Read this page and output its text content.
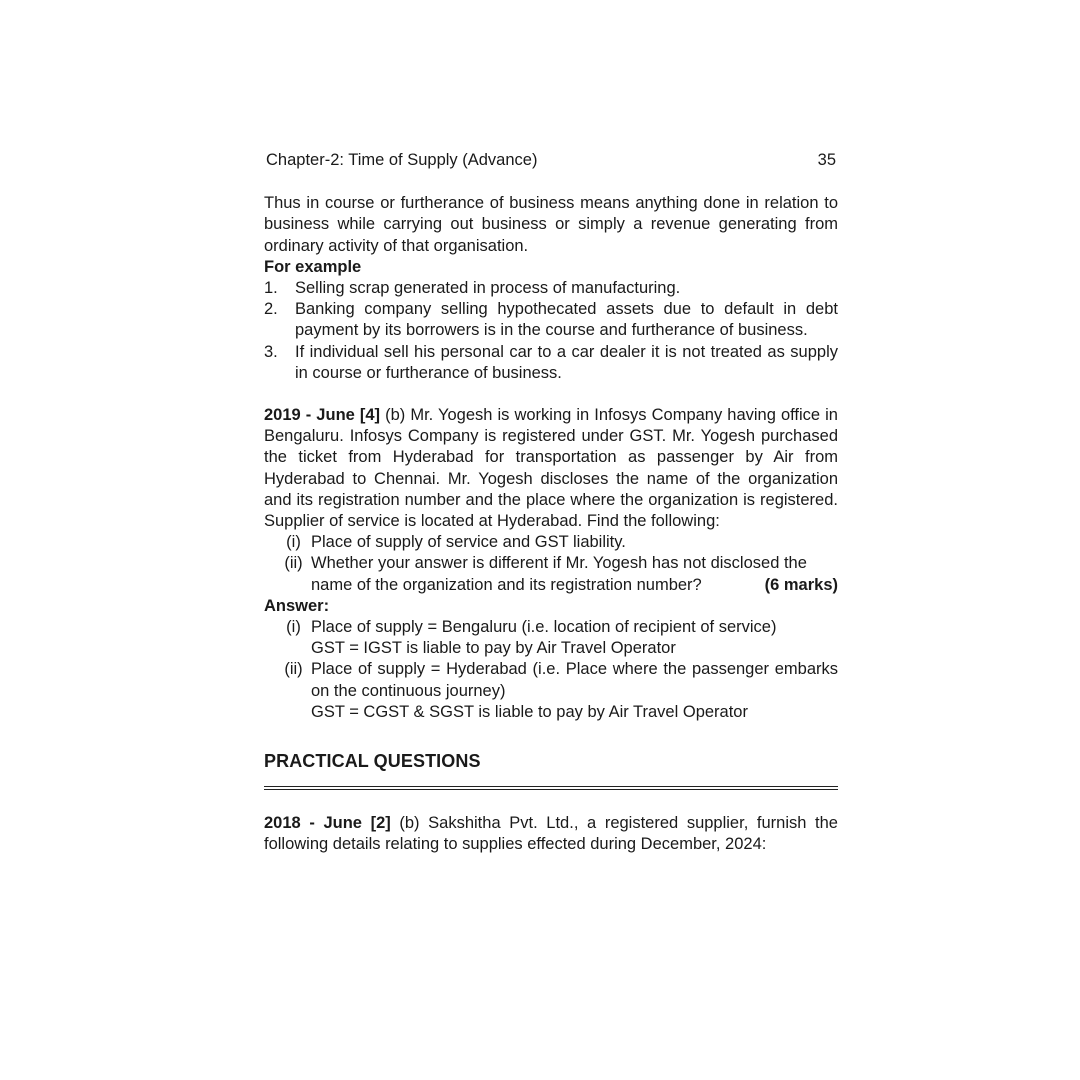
Chapter-2: Time of Supply (Advance)	35

Thus in course or furtherance of business means anything done in relation to business while carrying out business or simply a revenue generating from ordinary activity of that organisation.

For example
1.	Selling scrap generated in process of manufacturing.
2.	Banking company selling hypothecated assets due to default in debt payment by its borrowers is in the course and furtherance of business.
3.	If individual sell his personal car to a car dealer it is not treated as supply in course or furtherance of business.

2019 - June [4] (b) Mr. Yogesh is working in Infosys Company having office in Bengaluru. Infosys Company is registered under GST. Mr. Yogesh purchased the ticket from Hyderabad for transportation as passenger by Air from Hyderabad to Chennai. Mr. Yogesh discloses the name of the organization and its registration number and the place where the organization is registered. Supplier of service is located at Hyderabad. Find the following:

(i) Place of supply of service and GST liability.
(ii) Whether your answer is different if Mr. Yogesh has not disclosed the
name of the organization and its registration number?	(6 marks)
Answer:
(i) Place of supply = Bengaluru (i.e. location of recipient of service)
GST = IGST is liable to pay by Air Travel Operator
(ii) Place of supply = Hyderabad (i.e. Place where the passenger embarks on the continuous journey)
GST = CGST & SGST is liable to pay by Air Travel Operator
PRACTICAL QUESTIONS

2018 - June [2] (b) Sakshitha Pvt. Ltd., a registered supplier, furnish the following details relating to supplies effected during December, 2024:
